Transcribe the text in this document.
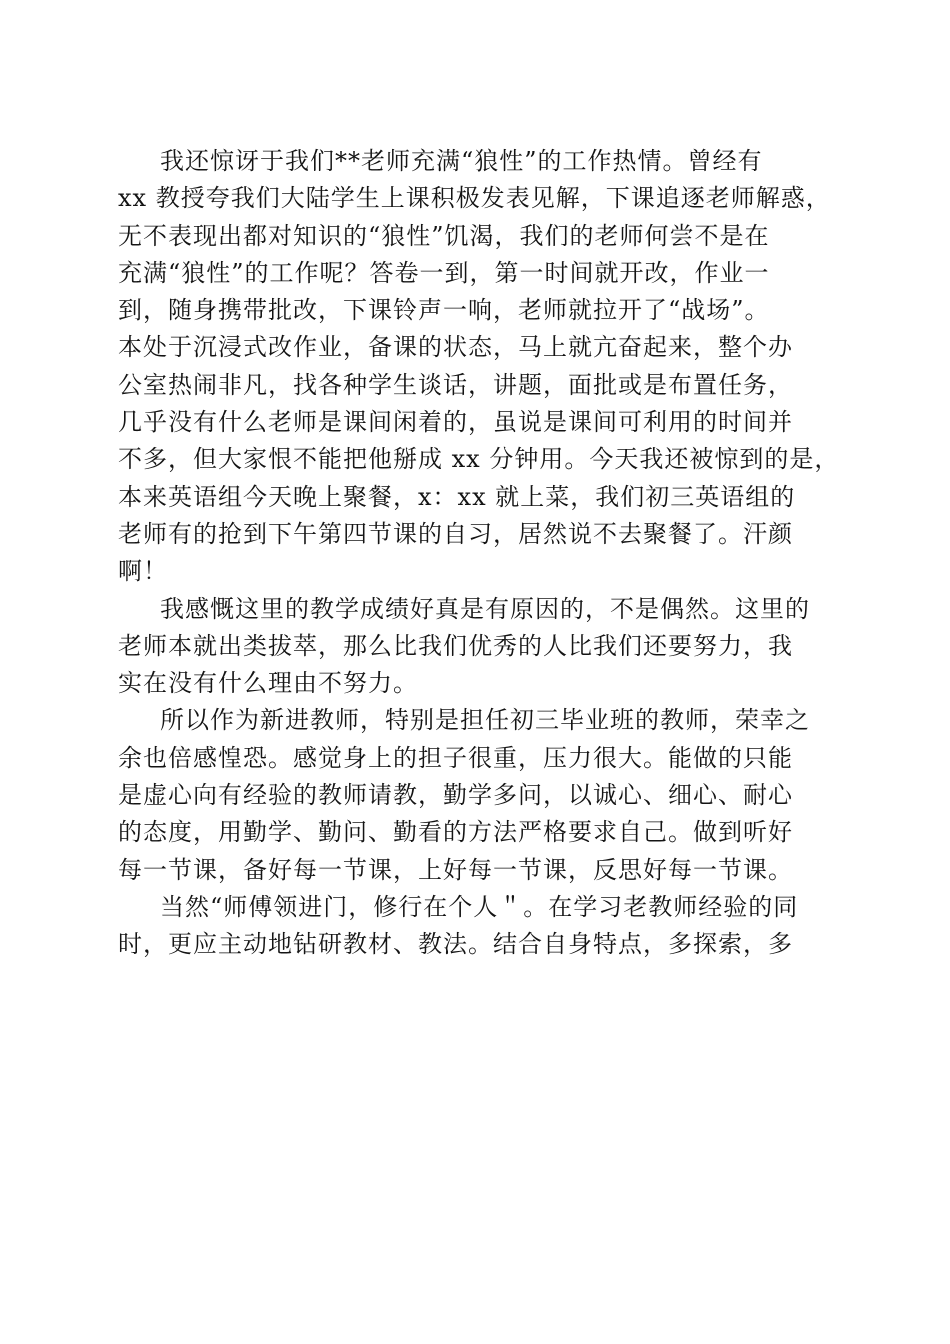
我还惊讶于我们**老师充满“狼性”的工作热情。曾经有
xx 教授夸我们大陆学生上课积极发表见解，下课追逐老师解惑，
无不表现出都对知识的“狼性”饥渴，我们的老师何尝不是在
充满“狼性”的工作呢？答卷一到，第一时间就开改，作业一
到，随身携带批改，下课铃声一响，老师就拉开了“战场”。
本处于沉浸式改作业，备课的状态，马上就亢奋起来，整个办
公室热闹非凡，找各种学生谈话，讲题，面批或是布置任务，
几乎没有什么老师是课间闲着的，虽说是课间可利用的时间并
不多，但大家恨不能把他掰成 xx 分钟用。今天我还被惊到的是，
本来英语组今天晚上聚餐，x：xx 就上菜，我们初三英语组的
老师有的抢到下午第四节课的自习，居然说不去聚餐了。汗颜
啊！
我感慨这里的教学成绩好真是有原因的，不是偶然。这里的
老师本就出类拔萃，那么比我们优秀的人比我们还要努力，我
实在没有什么理由不努力。
所以作为新进教师，特别是担任初三毕业班的教师，荣幸之
余也倍感惶恐。感觉身上的担子很重，压力很大。能做的只能
是虚心向有经验的教师请教，勤学多问，以诚心、细心、耐心
的态度，用勤学、勤问、勤看的方法严格要求自己。做到听好
每一节课，备好每一节课，上好每一节课，反思好每一节课。
当然“师傅领进门，修行在个人＂。在学习老教师经验的同
时，更应主动地钻研教材、教法。结合自身特点，多探索，多
